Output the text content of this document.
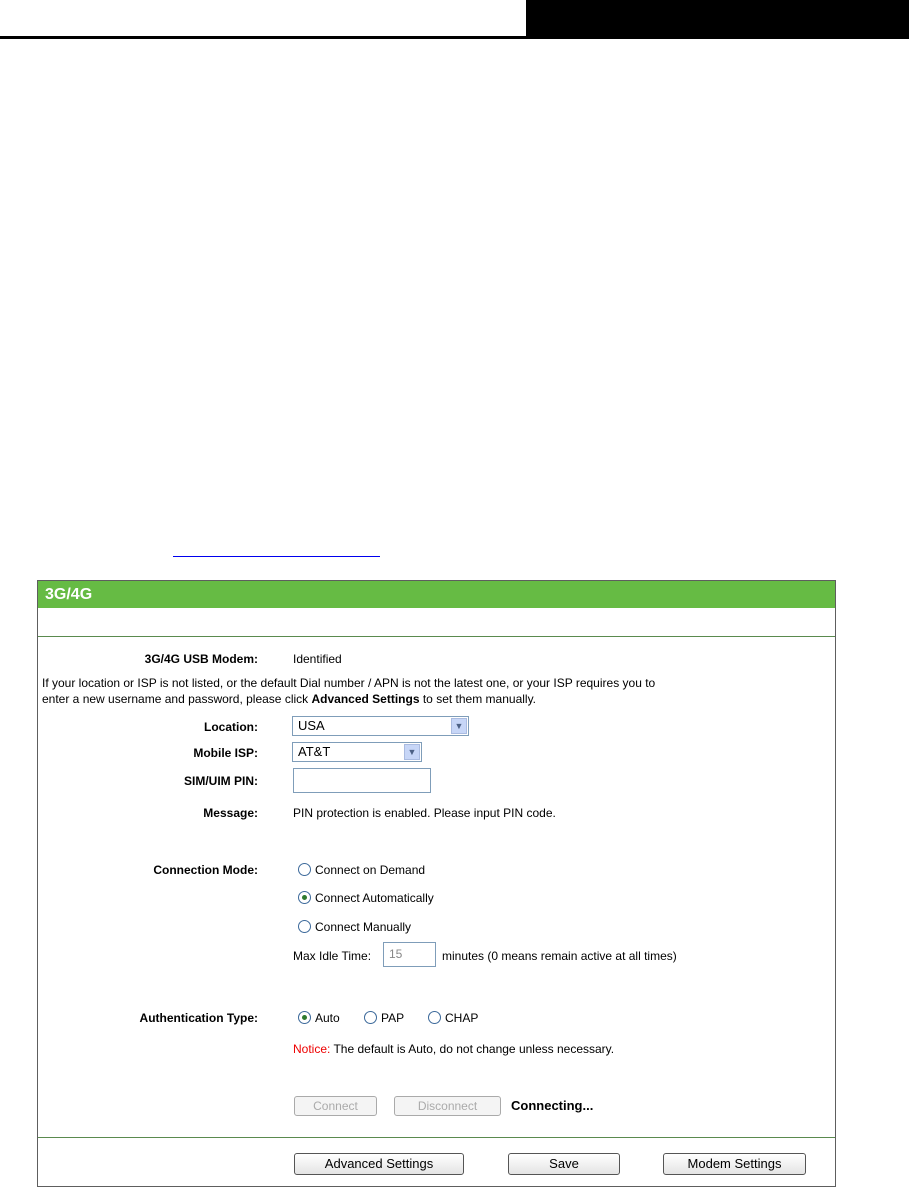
3G/4G
3G/4G USB Modem:	Identified
If your location or ISP is not listed, or the default Dial number / APN is not the latest one, or your ISP requires you to
enter a new username and password, please click Advanced Settings to set them manually.
Location:	USA	▼
Mobile ISP:	AT&T	▼
SIM/UIM PIN:
Message:	PIN protection is enabled. Please input PIN code.
Connection Mode:	Connect on Demand
Connect Automatically
Connect Manually
Max Idle Time:	15	minutes (0 means remain active at all times)
Authentication Type:	Auto	PAP	CHAP
Notice: The default is Auto, do not change unless necessary.
Connect	Disconnect	Connecting...
Advanced Settings	Save	Modem Settings
